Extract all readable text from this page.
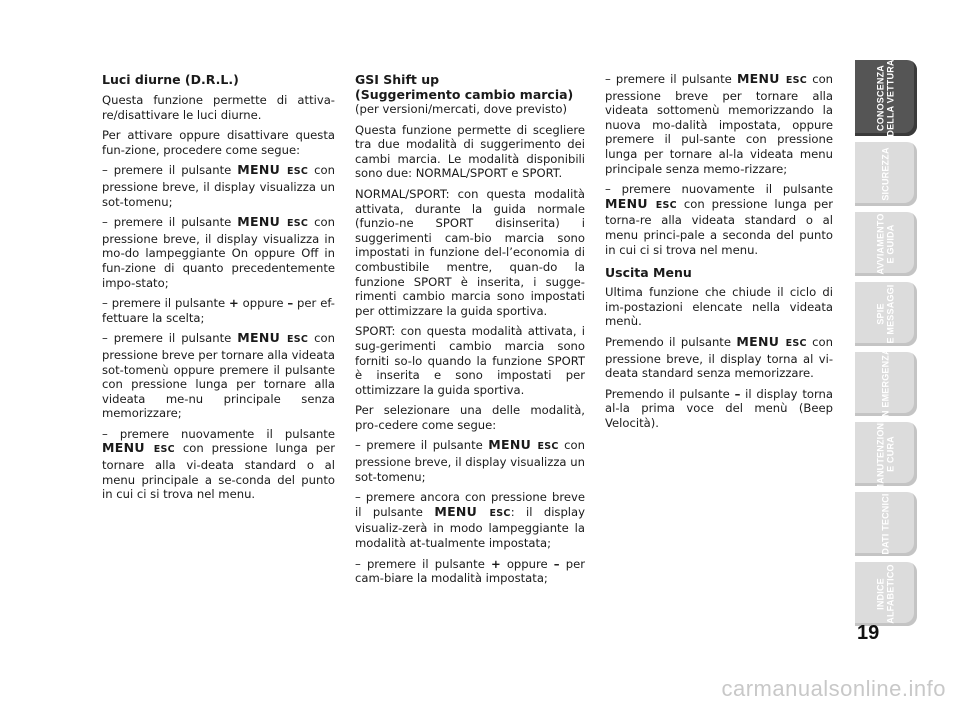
Luci diurne (D.R.L.)

Questa funzione permette di attiva-re/disattivare le luci diurne.

Per attivare oppure disattivare questa fun-zione, procedere come segue:

– premere il pulsante MENU ESC con pressione breve, il display visualizza un sot-tomenu;

– premere il pulsante MENU ESC con pressione breve, il display visualizza in mo-do lampeggiante On oppure Off in fun-zione di quanto precedentemente impo-stato;

– premere il pulsante + oppure – per ef-fettuare la scelta;

– premere il pulsante MENU ESC con pressione breve per tornare alla videata sot-tomenù oppure premere il pulsante con pressione lunga per tornare alla videata me-nu principale senza memorizzare;

– premere nuovamente il pulsante MENU ESC con pressione lunga per tornare alla vi-deata standard o al menu principale a se-conda del punto in cui ci si trova nel menu.

GSI Shift up
(Suggerimento cambio marcia)

(per versioni/mercati, dove previsto)

Questa funzione permette di scegliere tra due modalità di suggerimento dei cambi marcia. Le modalità disponibili sono due: NORMAL/SPORT e SPORT.

NORMAL/SPORT: con questa modalità attivata, durante la guida normale (funzio-ne SPORT disinserita) i suggerimenti cam-bio marcia sono impostati in funzione del-l’economia di combustibile mentre, quan-do la funzione SPORT è inserita, i sugge-rimenti cambio marcia sono impostati per ottimizzare la guida sportiva.

SPORT: con questa modalità attivata, i sug-gerimenti cambio marcia sono forniti so-lo quando la funzione SPORT è inserita e sono impostati per ottimizzare la guida sportiva.

Per selezionare una delle modalità, pro-cedere come segue:

– premere il pulsante MENU ESC con pressione breve, il display visualizza un sot-tomenu;

– premere ancora con pressione breve il pulsante MENU ESC: il display visualiz-zerà in modo lampeggiante la modalità at-tualmente impostata;

– premere il pulsante + oppure – per cam-biare la modalità impostata;

– premere il pulsante MENU ESC con pressione breve per tornare alla videata sottomenù memorizzando la nuova mo-dalità impostata, oppure premere il pul-sante con pressione lunga per tornare al-la videata menu principale senza memo-rizzare;

– premere nuovamente il pulsante MENU ESC con pressione lunga per torna-re alla videata standard o al menu princi-pale a seconda del punto in cui ci si trova nel menu.

Uscita Menu

Ultima funzione che chiude il ciclo di im-postazioni elencate nella videata menù.

Premendo il pulsante MENU ESC con pressione breve, il display torna al vi-deata standard senza memorizzare.

Premendo il pulsante – il display torna al-la prima voce del menù (Beep Velocità).

CONOSCENZA
DELLA VETTURA
SICUREZZA
AVVIAMENTO
E GUIDA
SPIE
E MESSAGGI
IN EMERGENZA
MANUTENZIONE
E CURA
DATI TECNICI
INDICE
ALFABETICO
19
carmanualsonline.info
